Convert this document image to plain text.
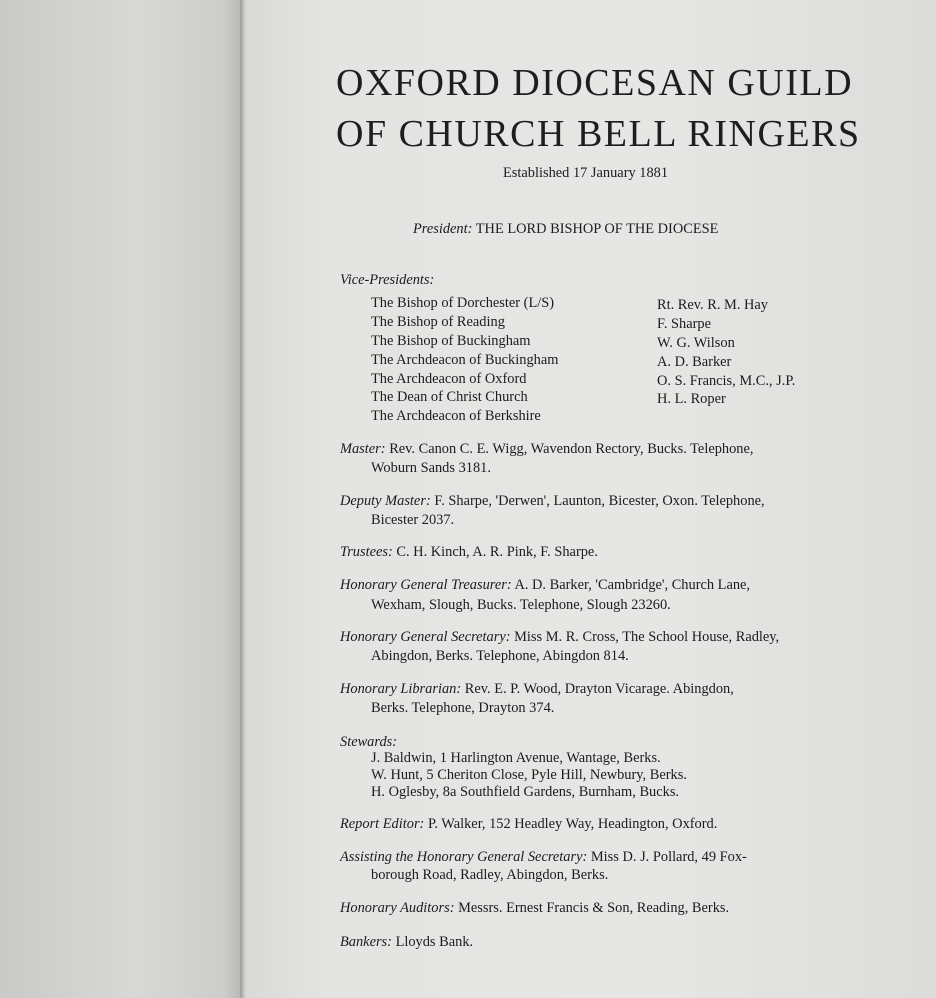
OXFORD DIOCESAN GUILD
OF CHURCH BELL RINGERS
Established 17 January 1881
President: THE LORD BISHOP OF THE DIOCESE
Vice-Presidents:
The Bishop of Dorchester (L/S)	Rt. Rev. R. M. Hay
The Bishop of Reading	F. Sharpe
The Bishop of Buckingham	W. G. Wilson
The Archdeacon of Buckingham	A. D. Barker
The Archdeacon of Oxford	O. S. Francis, M.C., J.P.
The Dean of Christ Church	H. L. Roper
The Archdeacon of Berkshire
Master: Rev. Canon C. E. Wigg, Wavendon Rectory, Bucks. Telephone,
Woburn Sands 3181.
Deputy Master: F. Sharpe, 'Derwen', Launton, Bicester, Oxon. Telephone,
Bicester 2037.
Trustees: C. H. Kinch, A. R. Pink, F. Sharpe.
Honorary General Treasurer: A. D. Barker, 'Cambridge', Church Lane,
Wexham, Slough, Bucks. Telephone, Slough 23260.
Honorary General Secretary: Miss M. R. Cross, The School House, Radley,
Abingdon, Berks. Telephone, Abingdon 814.
Honorary Librarian: Rev. E. P. Wood, Drayton Vicarage. Abingdon,
Berks. Telephone, Drayton 374.
Stewards:
J. Baldwin, 1 Harlington Avenue, Wantage, Berks.
W. Hunt, 5 Cheriton Close, Pyle Hill, Newbury, Berks.
H. Oglesby, 8a Southfield Gardens, Burnham, Bucks.
Report Editor: P. Walker, 152 Headley Way, Headington, Oxford.
Assisting the Honorary General Secretary: Miss D. J. Pollard, 49 Fox-
borough Road, Radley, Abingdon, Berks.
Honorary Auditors: Messrs. Ernest Francis & Son, Reading, Berks.
Bankers: Lloyds Bank.
